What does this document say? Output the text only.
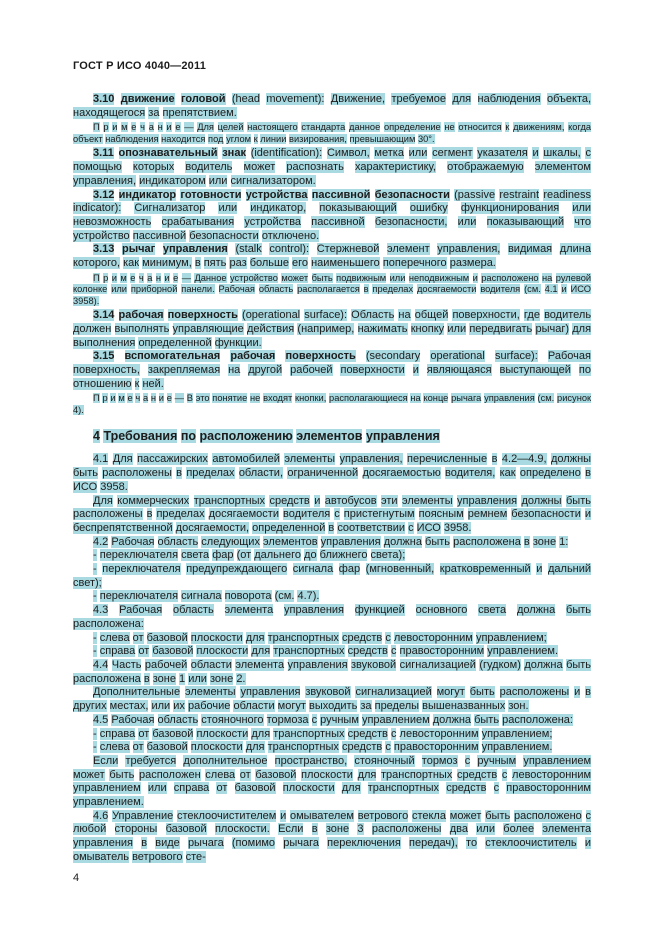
ГОСТ Р ИСО 4040—2011
3.10 движение головой (head movement): Движение, требуемое для наблюдения объекта, находящегося за препятствием.
П р и м е ч а н и е — Для целей настоящего стандарта данное определение не относится к движениям, когда объект наблюдения находится под углом к линии визирования, превышающим 30°.
3.11 опознавательный знак (identification): Символ, метка или сегмент указателя и шкалы, с помощью которых водитель может распознать характеристику, отображаемую элементом управления, индикатором или сигнализатором.
3.12 индикатор готовности устройства пассивной безопасности (passive restraint readiness indicator): Сигнализатор или индикатор, показывающий ошибку функционирования или невозможность срабатывания устройства пассивной безопасности, или показывающий что устройство пассивной безопасности отключено.
3.13 рычаг управления (stalk control): Стержневой элемент управления, видимая длина которого, как минимум, в пять раз больше его наименьшего поперечного размера.
П р и м е ч а н и е — Данное устройство может быть подвижным или неподвижным и расположено на рулевой колонке или приборной панели. Рабочая область располагается в пределах досягаемости водителя (см. 4.1 и ИСО 3958).
3.14 рабочая поверхность (operational surface): Область на общей поверхности, где водитель должен выполнять управляющие действия (например, нажимать кнопку или передвигать рычаг) для выполнения определенной функции.
3.15 вспомогательная рабочая поверхность (secondary operational surface): Рабочая поверхность, закрепляемая на другой рабочей поверхности и являющаяся выступающей по отношению к ней.
П р и м е ч а н и е — В это понятие не входят кнопки, располагающиеся на конце рычага управления (см. рисунок 4).
4 Требования по расположению элементов управления
4.1 Для пассажирских автомобилей элементы управления, перечисленные в 4.2—4.9, должны быть расположены в пределах области, ограниченной досягаемостью водителя, как определено в ИСО 3958.
Для коммерческих транспортных средств и автобусов эти элементы управления должны быть расположены в пределах досягаемости водителя с пристегнутым поясным ремнем безопасности и беспрепятственной досягаемости, определенной в соответствии с ИСО 3958.
4.2 Рабочая область следующих элементов управления должна быть расположена в зоне 1:
- переключателя света фар (от дальнего до ближнего света);
- переключателя предупреждающего сигнала фар (мгновенный, кратковременный и дальний свет);
- переключателя сигнала поворота (см. 4.7).
4.3 Рабочая область элемента управления функцией основного света должна быть расположена:
- слева от базовой плоскости для транспортных средств с левосторонним управлением;
- справа от базовой плоскости для транспортных средств с правосторонним управлением.
4.4 Часть рабочей области элемента управления звуковой сигнализацией (гудком) должна быть расположена в зоне 1 или зоне 2.
Дополнительные элементы управления звуковой сигнализацией могут быть расположены и в других местах, или их рабочие области могут выходить за пределы вышеназванных зон.
4.5 Рабочая область стояночного тормоза с ручным управлением должна быть расположена:
- справа от базовой плоскости для транспортных средств с левосторонним управлением;
- слева от базовой плоскости для транспортных средств с правосторонним управлением.
Если требуется дополнительное пространство, стояночный тормоз с ручным управлением может быть расположен слева от базовой плоскости для транспортных средств с левосторонним управлением или справа от базовой плоскости для транспортных средств с правосторонним управлением.
4.6 Управление стеклоочистителем и омывателем ветрового стекла может быть расположено с любой стороны базовой плоскости. Если в зоне 3 расположены два или более элемента управления в виде рычага (помимо рычага переключения передач), то стеклоочиститель и омыватель ветрового сте-
4
